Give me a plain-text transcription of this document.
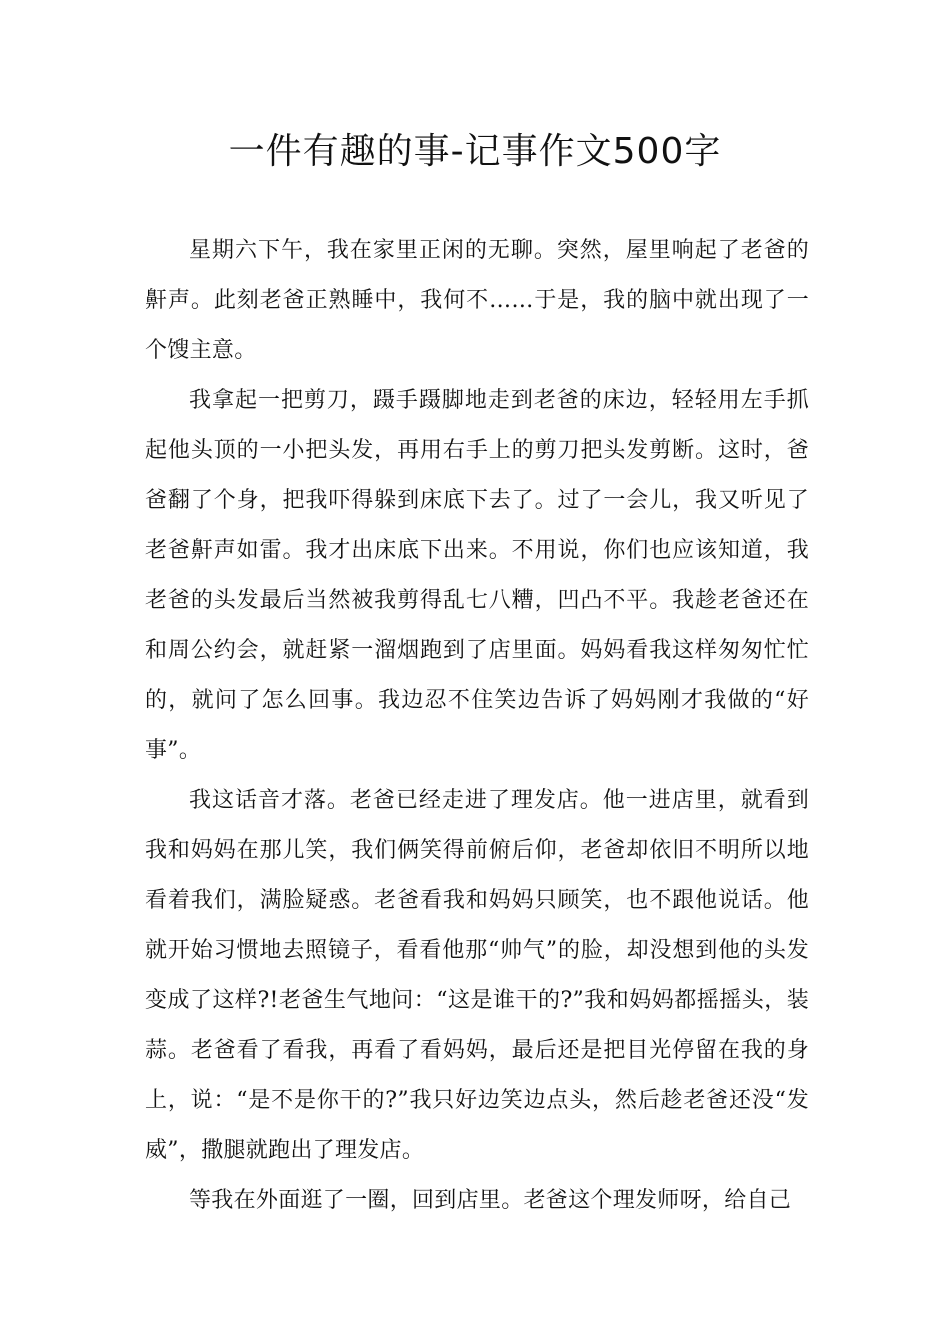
一件有趣的事-记事作文500字

星期六下午，我在家里正闲的无聊。突然，屋里响起了老爸的鼾声。此刻老爸正熟睡中，我何不……于是，我的脑中就出现了一个馊主意。

我拿起一把剪刀，蹑手蹑脚地走到老爸的床边，轻轻用左手抓起他头顶的一小把头发，再用右手上的剪刀把头发剪断。这时，爸爸翻了个身，把我吓得躲到床底下去了。过了一会儿，我又听见了老爸鼾声如雷。我才出床底下出来。不用说，你们也应该知道，我老爸的头发最后当然被我剪得乱七八糟，凹凸不平。我趁老爸还在和周公约会，就赶紧一溜烟跑到了店里面。妈妈看我这样匆匆忙忙的，就问了怎么回事。我边忍不住笑边告诉了妈妈刚才我做的“好事”。

我这话音才落。老爸已经走进了理发店。他一进店里，就看到我和妈妈在那儿笑，我们俩笑得前俯后仰，老爸却依旧不明所以地看着我们，满脸疑惑。老爸看我和妈妈只顾笑，也不跟他说话。他就开始习惯地去照镜子，看看他那“帅气”的脸，却没想到他的头发变成了这样?!老爸生气地问：“这是谁干的?”我和妈妈都摇摇头，装蒜。老爸看了看我，再看了看妈妈，最后还是把目光停留在我的身上，说：“是不是你干的?”我只好边笑边点头，然后趁老爸还没“发威”，撒腿就跑出了理发店。

等我在外面逛了一圈，回到店里。老爸这个理发师呀，给自己
